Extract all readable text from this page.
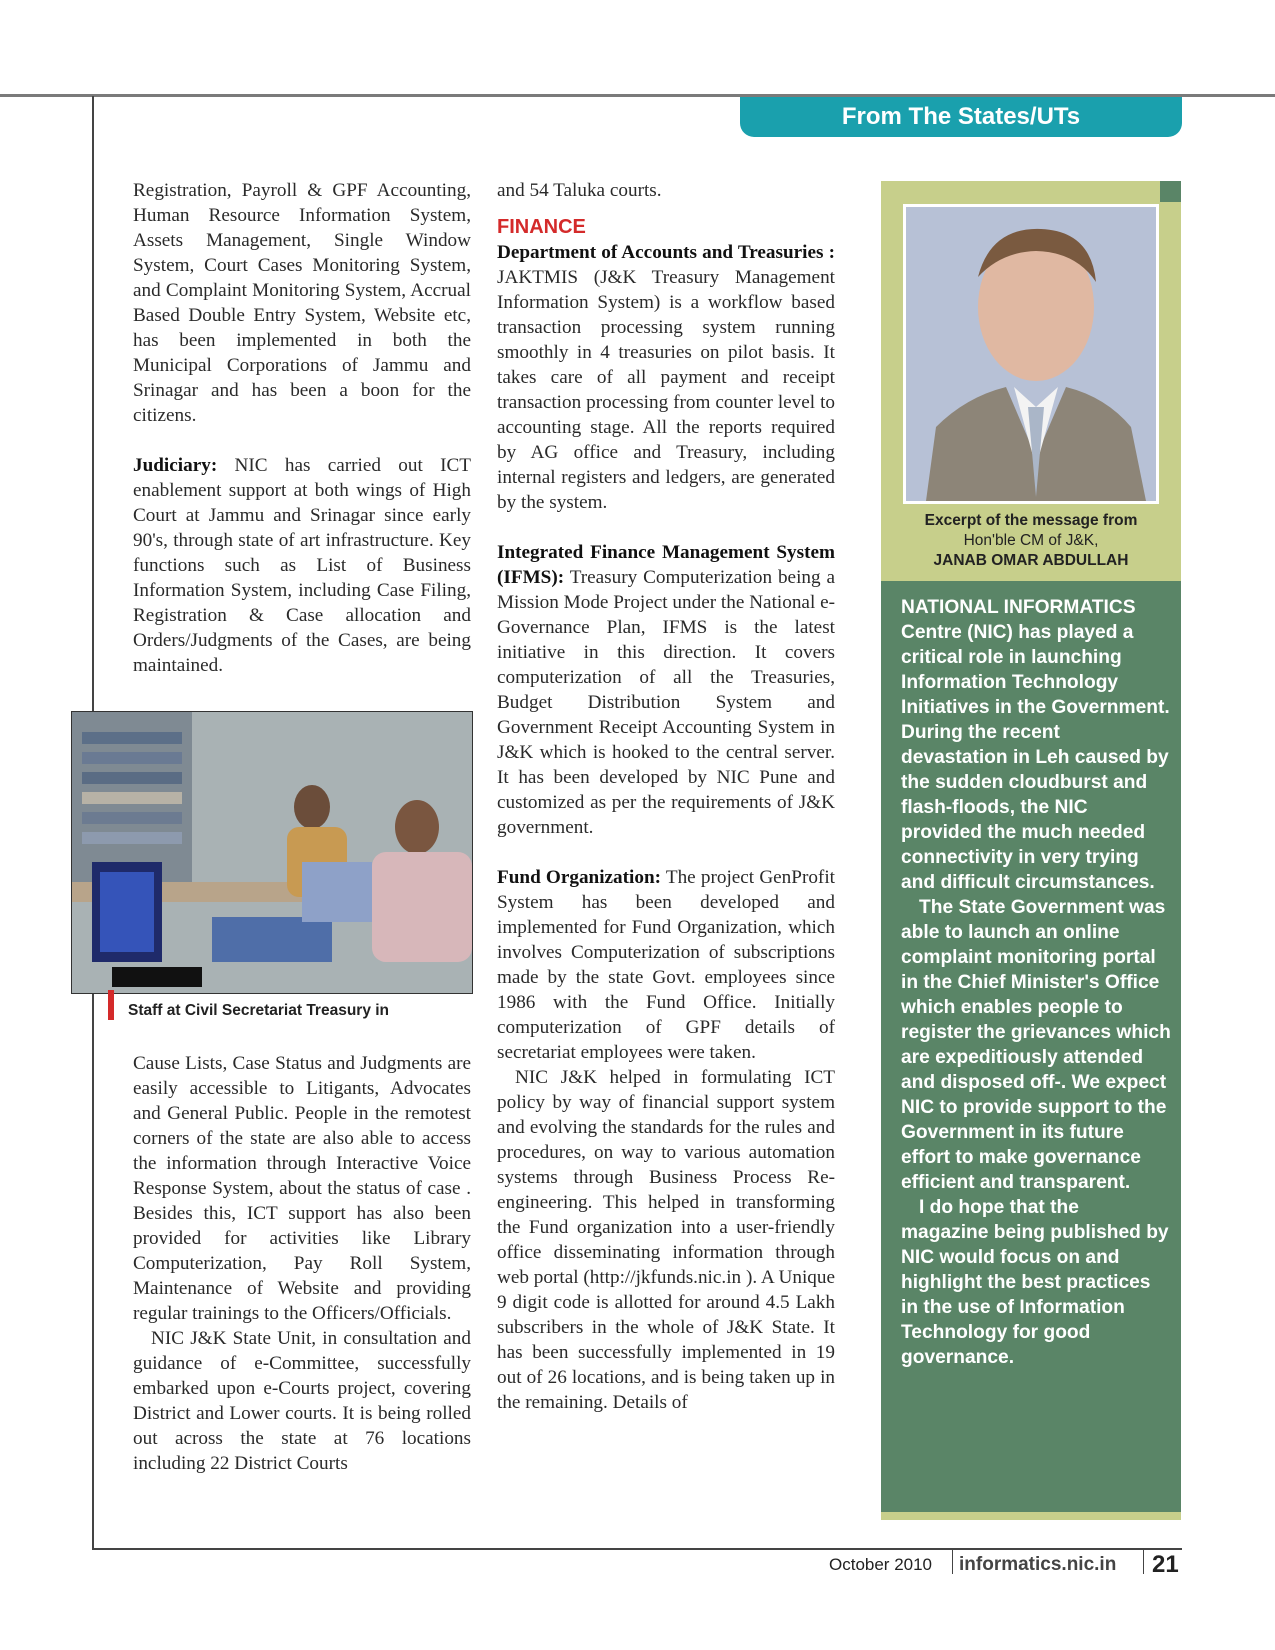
From The States/UTs

Registration, Payroll & GPF Accounting, Human Resource Information System, Assets Management, Single Window System, Court Cases Monitoring System, and Complaint Monitoring System, Accrual Based Double Entry System, Website etc, has been implemented in both the Municipal Corporations of Jammu and Srinagar and has been a boon for the citizens.

Judiciary: NIC has carried out ICT enablement support at both wings of High Court at Jammu and Srinagar since early 90's, through state of art infrastructure. Key functions such as List of Business Information System, including Case Filing, Registration & Case allocation and Orders/Judgments of the Cases, are being maintained.

Staff at Civil Secretariat Treasury in

Cause Lists, Case Status and Judgments are easily accessible to Litigants, Advocates and General Public. People in the remotest corners of the state are also able to access the information through Interactive Voice Response System, about the status of case . Besides this, ICT support has also been provided for activities like Library Computerization, Pay Roll System, Maintenance of Website and providing regular trainings to the Officers/Officials.

NIC J&K State Unit, in consultation and guidance of e-Committee, successfully embarked upon e-Courts project, covering District and Lower courts. It is being rolled out across the state at 76 locations including 22 District Courts

and 54 Taluka courts.

FINANCE

Department of Accounts and Treasuries : JAKTMIS (J&K Treasury Management Information System) is a workflow based transaction processing system running smoothly in 4 treasuries on pilot basis. It takes care of all payment and receipt transaction processing from counter level to accounting stage. All the reports required by AG office and Treasury, including internal registers and ledgers, are generated by the system.

Integrated Finance Management System (IFMS): Treasury Computerization being a Mission Mode Project under the National e-Governance Plan, IFMS is the latest initiative in this direction. It covers computerization of all the Treasuries, Budget Distribution System and Government Receipt Accounting System in J&K which is hooked to the central server. It has been developed by NIC Pune and customized as per the requirements of J&K government.

Fund Organization: The project GenProfit System has been developed and implemented for Fund Organization, which involves Computerization of subscriptions made by the state Govt. employees since 1986 with the Fund Office. Initially computerization of GPF details of secretariat employees were taken.

NIC J&K helped in formulating ICT policy by way of financial support system and evolving the standards for the rules and procedures, on way to various automation systems through Business Process Re-engineering. This helped in transforming the Fund organization into a user-friendly office disseminating information through web portal (http://jkfunds.nic.in ). A Unique 9 digit code is allotted for around 4.5 Lakh subscribers in the whole of J&K State. It has been successfully implemented in 19 out of 26 locations, and is being taken up in the remaining. Details of

Excerpt of the message from
Hon'ble CM of J&K,
JANAB OMAR ABDULLAH

NATIONAL INFORMATICS Centre (NIC) has played a critical role in launching Information Technology Initiatives in the Government. During the recent devastation in Leh caused by the sudden cloudburst and flash-floods, the NIC provided the much needed connectivity in very trying and difficult circumstances.

The State Government was able to launch an online complaint monitoring portal in the Chief Minister's Office which enables people to register the grievances which are expeditiously attended and disposed off-. We expect NIC to provide support to the Government in its future effort to make governance efficient and transparent.

I do hope that the magazine being published by NIC would focus on and highlight the best practices in the use of Information Technology for good governance.

October 2010 informatics.nic.in 21
